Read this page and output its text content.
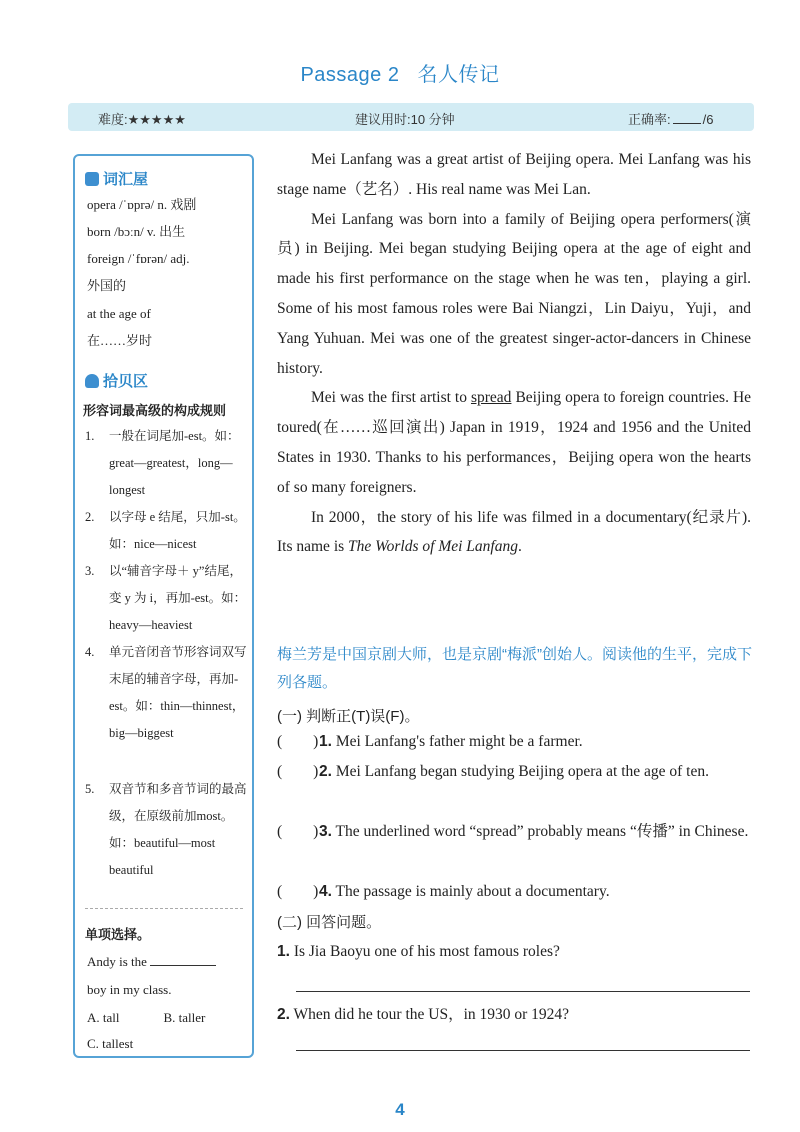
Passage 2 名人传记
难度:★★★★★	建议用时:10 分钟	正确率: /6
词汇屋
opera /ˈɒprə/ n. 戏剧
born /bɔːn/ v. 出生
foreign /ˈfɒrən/ adj.
外国的
at the age of
在……岁时
拾贝区
形容词最高级的构成规则
1. 一般在词尾加-est。如：great—greatest，long—longest
2. 以字母 e 结尾，只加-st。如：nice—nicest
3. 以“辅音字母＋ y”结尾，变 y 为 i，再加-est。如：heavy—heaviest
4. 单元音闭音节形容词双写末尾的辅音字母，再加-est。如：thin—thinnest，big—biggest
5. 双音节和多音节词的最高级，在原级前加most。如：beautiful—most beautiful
单项选择。
Andy is the
boy in my class.
A. tall	B. taller
C. tallest

Mei Lanfang was a great artist of Beijing opera. Mei Lanfang was his stage name（艺名）. His real name was Mei Lan.

Mei Lanfang was born into a family of Beijing opera performers(演员) in Beijing. Mei began studying Beijing opera at the age of eight and made his first performance on the stage when he was ten，playing a girl. Some of his most famous roles were Bai Niangzi，Lin Daiyu，Yuji，and Yang Yuhuan. Mei was one of the greatest singer-actor-dancers in Chinese history.

Mei was the first artist to spread Beijing opera to foreign countries. He toured(在……巡回演出) Japan in 1919，1924 and 1956 and the United States in 1930. Thanks to his performances，Beijing opera won the hearts of so many foreigners.

In 2000，the story of his life was filmed in a documentary(纪录片). Its name is The Worlds of Mei Lanfang.

梅兰芳是中国京剧大师，也是京剧“梅派”创始人。阅读他的生平，完成下列各题。
(一) 判断正(T)误(F)。
(　　) 1. Mei Lanfang's father might be a farmer.
(　　) 2. Mei Lanfang began studying Beijing opera at the age of ten.
(　　) 3. The underlined word “spread” probably means “传播” in Chinese.
(　　) 4. The passage is mainly about a documentary.
(二) 回答问题。
1. Is Jia Baoyu one of his most famous roles?
2. When did he tour the US，in 1930 or 1924?
4
